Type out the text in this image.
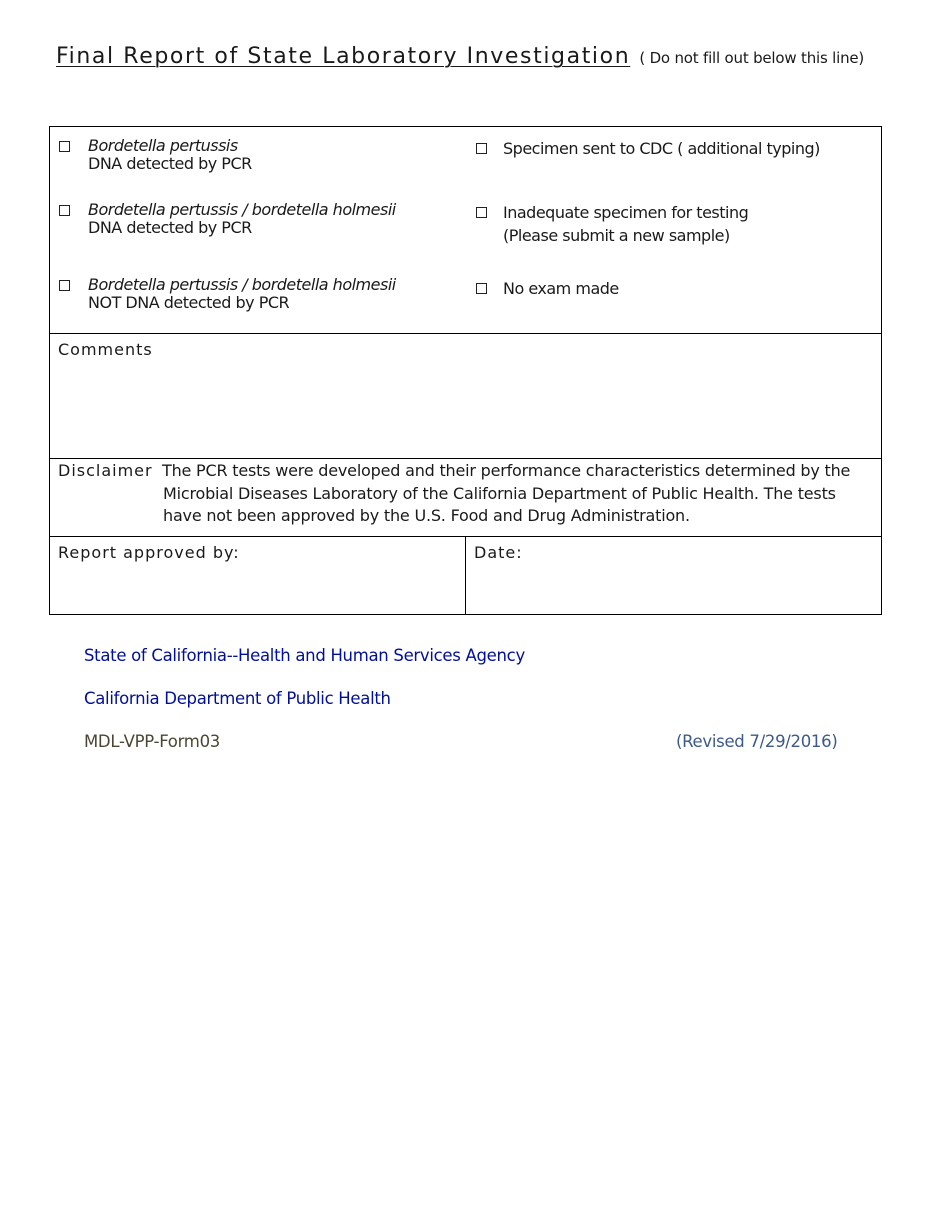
Final Report of State Laboratory Investigation ( Do not fill out below this line)
Bordetella pertussis
DNA detected by PCR
Bordetella pertussis / bordetella holmesii
DNA detected by PCR
Bordetella pertussis / bordetella holmesii
NOT DNA detected by PCR
Specimen sent to CDC ( additional typing)
Inadequate specimen for testing
(Please submit a new sample)
No exam made
Comments
Disclaimer The PCR tests were developed and their performance characteristics determined by the Microbial Diseases Laboratory of the California Department of Public Health. The tests have not been approved by the U.S. Food and Drug Administration.
Report approved by:	Date:
State of California--Health and Human Services Agency
California Department of Public Health
MDL-VPP-Form03	(Revised 7/29/2016)
